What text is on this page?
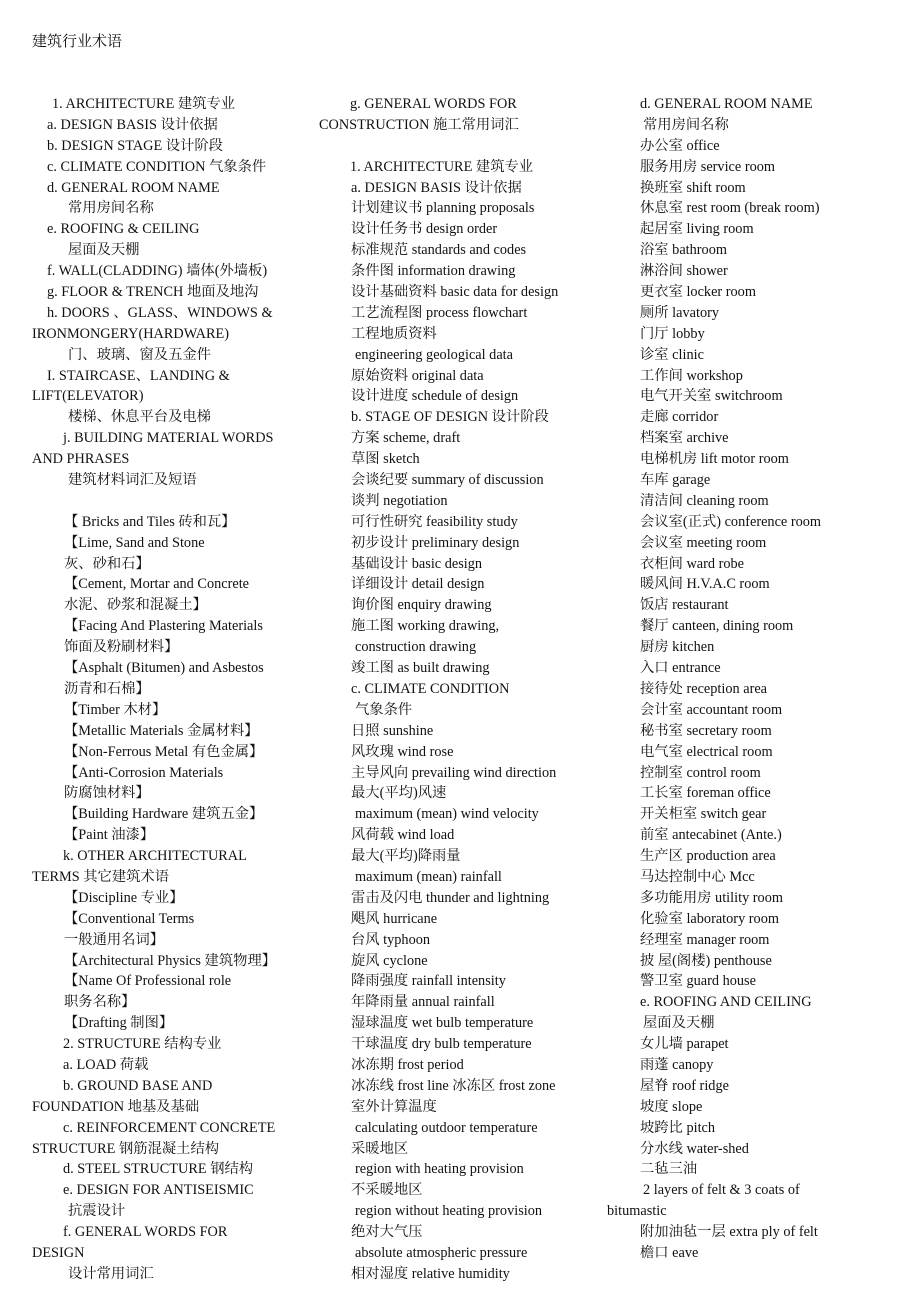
建筑行业术语
1. ARCHITECTURE 建筑专业
a. DESIGN BASIS 设计依据
b. DESIGN STAGE 设计阶段
c. CLIMATE CONDITION 气象条件
d. GENERAL ROOM NAME
常用房间名称
e. ROOFING & CEILING
屋面及天棚
f. WALL(CLADDING) 墙体(外墙板)
g. FLOOR & TRENCH 地面及地沟
h. DOORS 、GLASS、WINDOWS &
IRONMONGERY(HARDWARE)
门、玻璃、窗及五金件
I. STAIRCASE、LANDING &
LIFT(ELEVATOR)
楼梯、休息平台及电梯
j. BUILDING MATERIAL WORDS
AND PHRASES
建筑材料词汇及短语
【 Bricks and Tiles 砖和瓦】
【Lime, Sand and Stone
灰、砂和石】
【Cement, Mortar and Concrete
水泥、砂浆和混凝土】
【Facing And Plastering Materials
饰面及粉刷材料】
【Asphalt (Bitumen) and Asbestos
沥青和石棉】
【Timber 木材】
【Metallic Materials 金属材料】
【Non-Ferrous Metal 有色金属】
【Anti-Corrosion Materials
防腐蚀材料】
【Building Hardware 建筑五金】
【Paint 油漆】
k. OTHER ARCHITECTURAL
TERMS 其它建筑术语
【Discipline 专业】
【Conventional Terms
一般通用名词】
【Architectural Physics 建筑物理】
【Name Of Professional role
职务名称】
【Drafting 制图】
2. STRUCTURE 结构专业
a. LOAD 荷载
b. GROUND BASE AND
FOUNDATION 地基及基础
c. REINFORCEMENT CONCRETE
STRUCTURE 钢筋混凝土结构
d. STEEL STRUCTURE 钢结构
e. DESIGN FOR ANTISEISMIC
抗震设计
f. GENERAL WORDS FOR
DESIGN
设计常用词汇
g. GENERAL WORDS FOR
CONSTRUCTION 施工常用词汇
1. ARCHITECTURE 建筑专业
a. DESIGN BASIS 设计依据
计划建议书 planning proposals
设计任务书 design order
标准规范 standards and codes
条件图 information drawing
设计基础资料 basic data for design
工艺流程图 process flowchart
工程地质资料
engineering geological data
原始资料 original data
设计进度 schedule of design
b. STAGE OF DESIGN 设计阶段
方案 scheme, draft
草图 sketch
会谈纪要 summary of discussion
谈判 negotiation
可行性研究 feasibility study
初步设计 preliminary design
基础设计 basic design
详细设计 detail design
询价图 enquiry drawing
施工图 working drawing,
construction drawing
竣工图 as built drawing
c. CLIMATE CONDITION
气象条件
日照 sunshine
风玫瑰 wind rose
主导风向 prevailing wind direction
最大(平均)风速
maximum (mean) wind velocity
风荷载 wind load
最大(平均)降雨量
maximum (mean) rainfall
雷击及闪电 thunder and lightning
飓风 hurricane
台风 typhoon
旋风 cyclone
降雨强度 rainfall intensity
年降雨量 annual rainfall
湿球温度 wet bulb temperature
干球温度 dry bulb temperature
冰冻期 frost period
冰冻线 frost line 冰冻区 frost zone
室外计算温度
calculating outdoor temperature
采暖地区
region with heating provision
不采暖地区
region without heating provision
绝对大气压
absolute atmospheric pressure
相对湿度 relative humidity
d. GENERAL ROOM NAME
常用房间名称
办公室 office
服务用房 service room
换班室 shift room
休息室 rest room (break room)
起居室 living room
浴室 bathroom
淋浴间 shower
更衣室 locker room
厕所 lavatory
门厅 lobby
诊室 clinic
工作间 workshop
电气开关室 switchroom
走廊 corridor
档案室 archive
电梯机房 lift motor room
车库 garage
清洁间 cleaning room
会议室(正式) conference room
会议室 meeting room
衣柜间 ward robe
暖风间 H.V.A.C room
饭店 restaurant
餐厅 canteen, dining room
厨房 kitchen
入口 entrance
接待处 reception area
会计室 accountant room
秘书室 secretary room
电气室 electrical room
控制室 control room
工长室 foreman office
开关柜室 switch gear
前室 antecabinet (Ante.)
生产区 production area
马达控制中心 Mcc
多功能用房 utility room
化验室 laboratory room
经理室 manager room
披 屋(阁楼) penthouse
警卫室 guard house
e. ROOFING AND CEILING
屋面及天棚
女儿墙 parapet
雨蓬 canopy
屋脊 roof ridge
坡度 slope
坡跨比 pitch
分水线 water-shed
二毡三油
2 layers of felt & 3 coats of
bitumastic
附加油毡一层 extra ply of felt
檐口 eave
